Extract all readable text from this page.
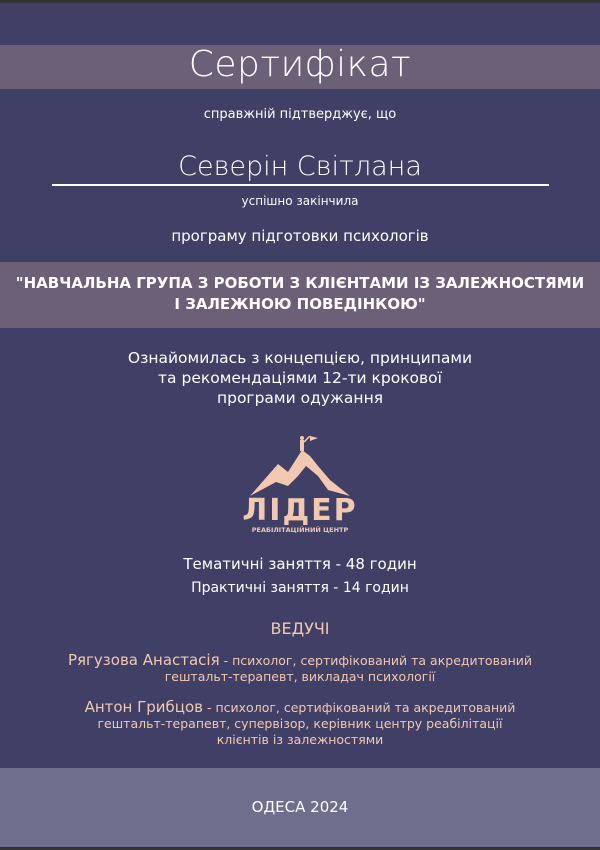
Сертифікат
справжній підтверджує, що
Северін Світлана
успішно закінчила
програму підготовки психологів
"НАВЧАЛЬНА ГРУПА З РОБОТИ З КЛІЄНТАМИ ІЗ ЗАЛЕЖНОСТЯМИ
І ЗАЛЕЖНОЮ ПОВЕДІНКОЮ"
Ознайомилась з концепцією, принципами
та рекомендаціями 12-ти крокової
програми одужання
ЛІДЕР
РЕАБІЛІТАЦІЙНИЙ ЦЕНТР
Тематичні заняття - 48 годин
Практичні заняття - 14 годин
ВЕДУЧІ
Рягузова Анастасія - психолог, сертифікований та акредитований
гештальт-терапевт, викладач психології
Антон Грибцов - психолог, сертифікований та акредитований
гештальт-терапевт, супервізор, керівник центру реабілітації
клієнтів із залежностями
ОДЕСА 2024
